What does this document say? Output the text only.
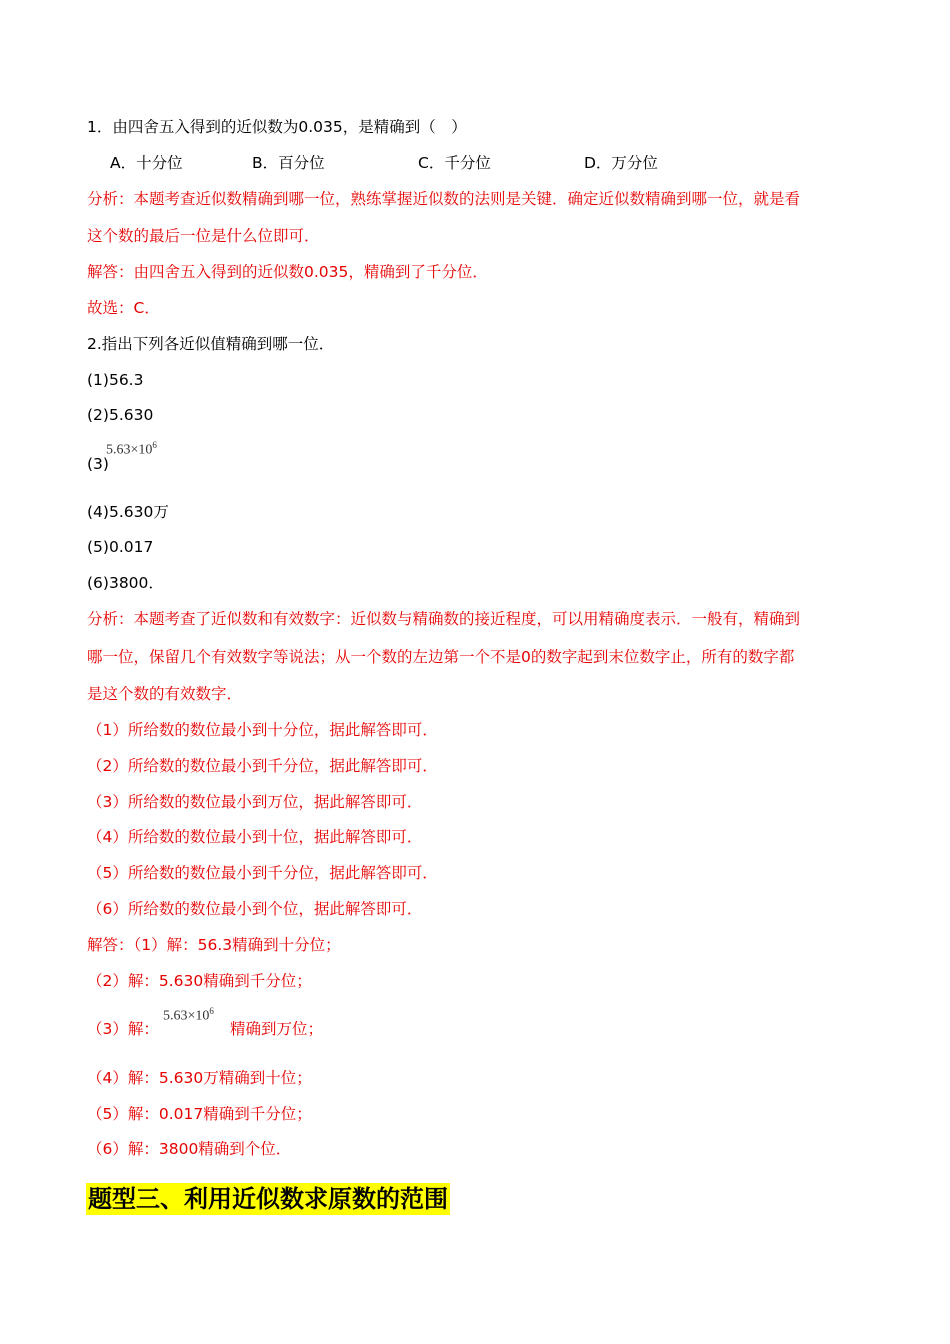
1．由四舍五入得到的近似数为0.035，是精确到（　）
A．十分位	B．百分位	C．千分位	D．万分位
分析：本题考查近似数精确到哪一位，熟练掌握近似数的法则是关键．确定近似数精确到哪一位，就是看
这个数的最后一位是什么位即可．
解答：由四舍五入得到的近似数0.035，精确到了千分位．
故选：C．
2.指出下列各近似值精确到哪一位．
(1)56.3
(2)5.630
$5.63\times 10^6$
(3)
(4)5.630万
(5)0.017
(6)3800．
分析：本题考查了近似数和有效数字：近似数与精确数的接近程度，可以用精确度表示．一般有，精确到
哪一位，保留几个有效数字等说法；从一个数的左边第一个不是0的数字起到末位数字止，所有的数字都
是这个数的有效数字．
（1）所给数的数位最小到十分位，据此解答即可．
（2）所给数的数位最小到千分位，据此解答即可．
（3）所给数的数位最小到万位，据此解答即可．
（4）所给数的数位最小到十位，据此解答即可．
（5）所给数的数位最小到千分位，据此解答即可．
（6）所给数的数位最小到个位，据此解答即可．
解答：（1）解：56.3精确到十分位；
（2）解：5.630精确到千分位；
（3）解：
$5.63\times 10^6$
精确到万位；
（4）解：5.630万精确到十位；
（5）解：0.017精确到千分位；
（6）解：3800精确到个位．
题型三、利用近似数求原数的范围
